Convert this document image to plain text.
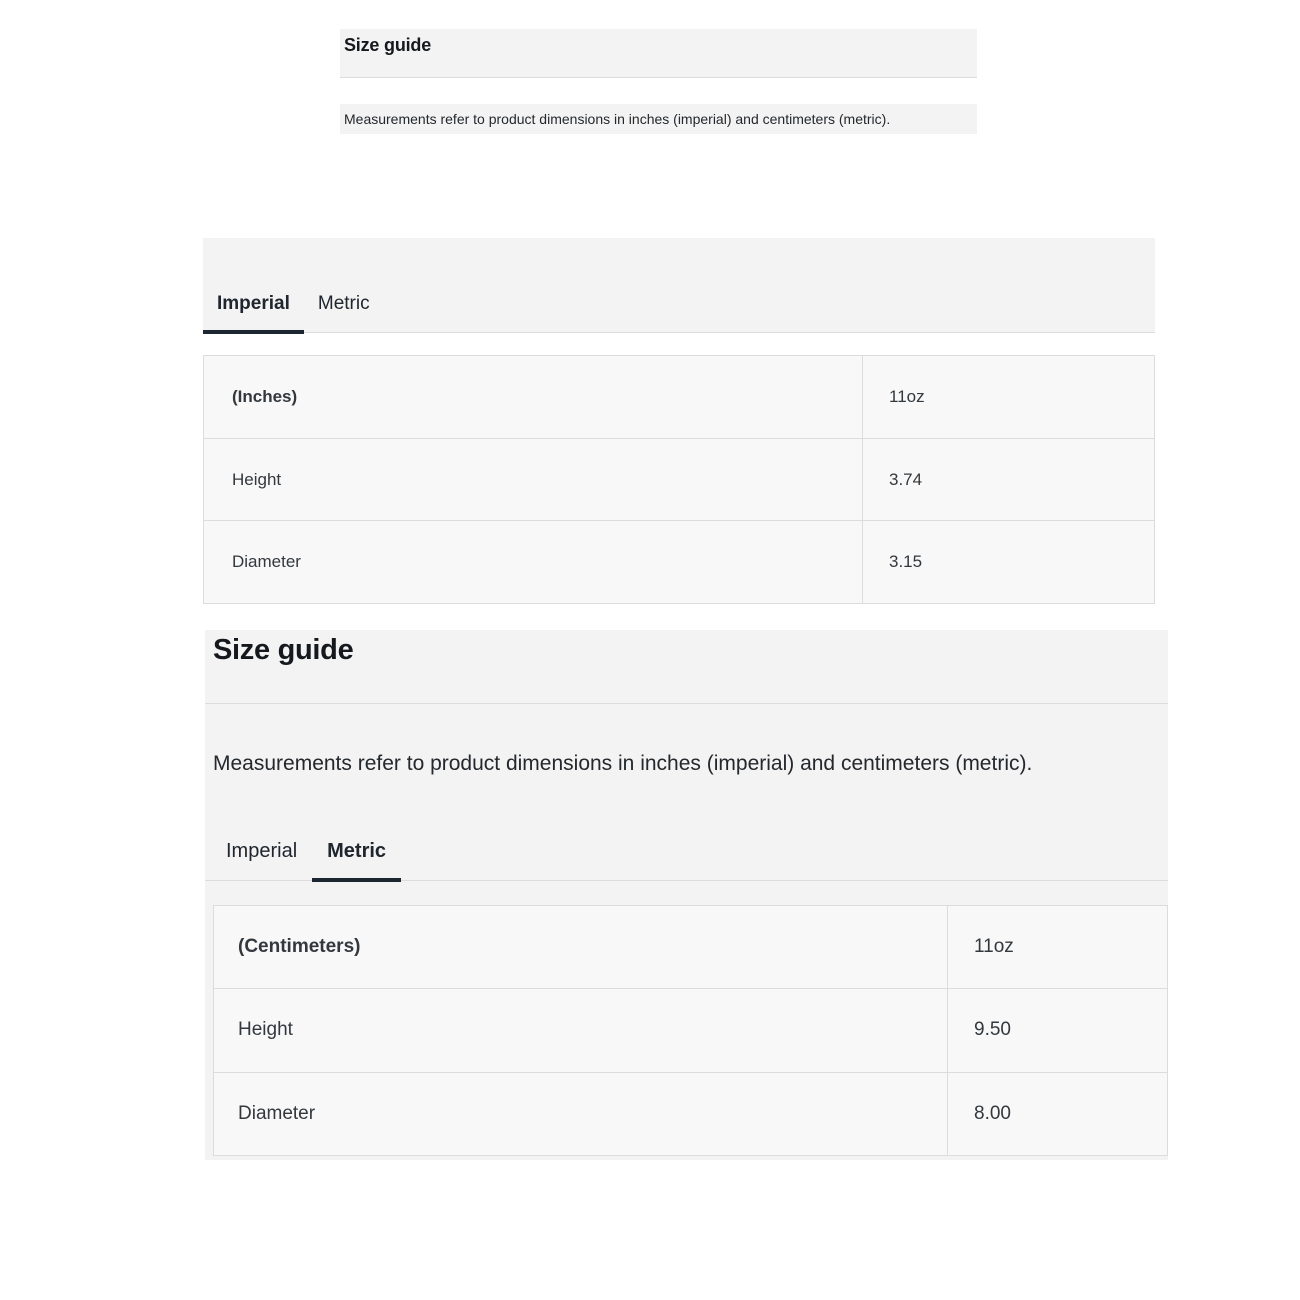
Size guide
Measurements refer to product dimensions in inches (imperial) and centimeters (metric).
Imperial	Metric
(Inches)	11oz
Height	3.74
Diameter	3.15
Size guide

Measurements refer to product dimensions in inches (imperial) and centimeters (metric).

Imperial	Metric
(Centimeters)	11oz
Height	9.50
Diameter	8.00
